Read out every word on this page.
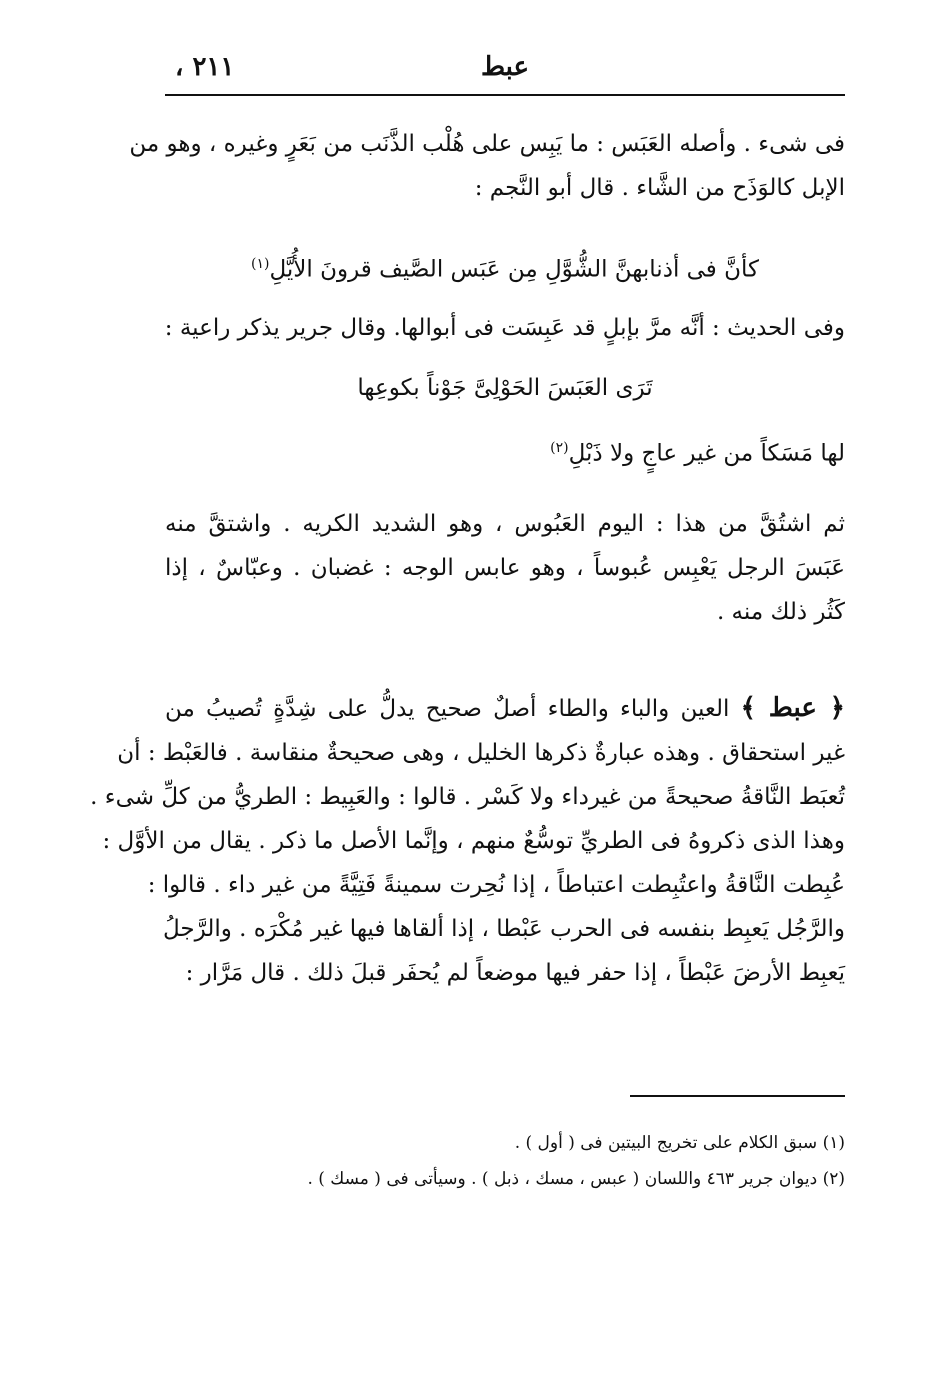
٢١١ ،	عبط
فى شىء . وأصله العَبَس : ما يَبِس على هُلْب الذَّنَب من بَعَرٍ وغيره ، وهو من
الإبل كالوَذَح من الشَّاء . قال أبو النَّجم :
كأنَّ فى أذنابهنَّ الشُّوَّلِ مِن عَبَس الصَّيف قرونَ الأُيَّلِ$^{(١)}$
وفى الحديث : أنَّه مرَّ بإبلٍ قد عَبِسَت فى أبوالها. وقال جرير يذكر راعية :
تَرَى العَبَسَ الحَوْلِىَّ جَوْناً بكوعِها
لها مَسَكاً من غير عاجٍ ولا ذَبْلِ$^{(٢)}$
ثم اشتُقَّ من هذا : اليوم العَبُوس ، وهو الشديد الكريه . واشتقَّ منه
عَبَسَ الرجل يَعْبِس عُبوساً ، وهو عابس الوجه : غضبان . وعبّاسٌ ، إذا
كَثُر ذلك منه .
﴿ عبط ﴾ العين والباء والطاء أصلٌ صحيح يدلُّ على شِدَّةٍ تُصيبُ من
غير استحقاق . وهذه عبارةٌ ذكرها الخليل ، وهى صحيحةٌ منقاسة . فالعَبْط : أن
تُعبَط النَّاقةُ صحيحةً من غيرداء ولا كَسْر . قالوا : والعَبِيط : الطريُّ من كلِّ شىء .
وهذا الذى ذكروهُ فى الطريِّ توسُّعٌ منهم ، وإنَّما الأصل ما ذكر . يقال من الأوَّل :
عُبِطت النَّاقةُ واعتُبِطت اعتباطاً ، إذا نُحِرت سمينةً فَتِيَّةً من غير داء . قالوا :
والرَّجُل يَعبِط بنفسه فى الحرب عَبْطا ، إذا ألقاها فيها غير مُكْرَه . والرَّجلُ
يَعبِط الأرضَ عَبْطاً ، إذا حفر فيها موضعاً لم يُحفَر قبلَ ذلك . قال مَرَّار :
(١) سبق الكلام على تخريج البيتين فى ( أول ) .
(٢) ديوان جرير ٤٦٣ واللسان ( عبس ، مسك ، ذبل ) . وسيأتى فى ( مسك ) .
